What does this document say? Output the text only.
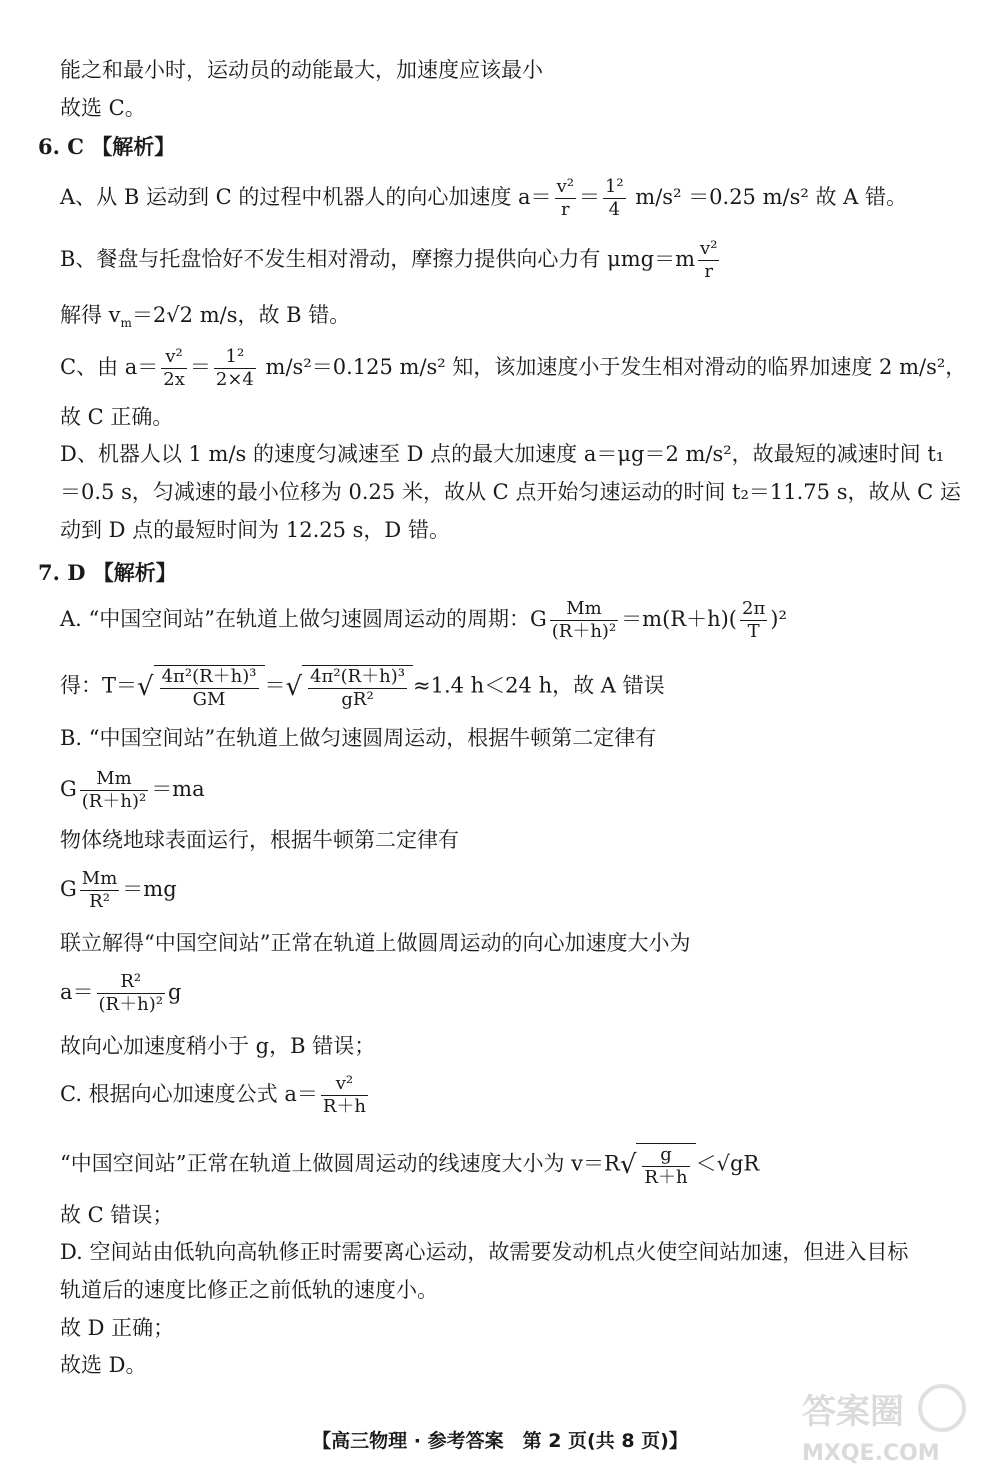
能之和最小时，运动员的动能最大，加速度应该最小
故选 C。
6. C 【解析】
A、从 B 运动到 C 的过程中机器人的向心加速度 $a= \frac{\text{v²}}{r} = \frac{\text{1²}}{4} m/s^2 =0.25$ m/s² 故 A 错。
B、餐盘与托盘恰好不发生相对滑动，摩擦力提供向心力有 $\mu mg=m \frac{\text{v²}}{r}$
解得 $v_m=2√2$ m/s，故 B 错。
C、由 $a= \frac{\text{v²}}{2x} = \frac{\text{1²}}{2\times 4} m/s^2=0.125$ m/s² 知，该加速度小于发生相对滑动的临界加速度 2 m/s²，
故 C 正确。
D、机器人以 1 m/s 的速度匀减速至 D 点的最大加速度 a＝μg＝2 m/s²，故最短的减速时间 t₁
＝0.5 s，匀减速的最小位移为 0.25 米，故从 C 点开始匀速运动的时间 t₂＝11.75 s，故从 C 运
动到 D 点的最短时间为 12.25 s，D 错。
7. D 【解析】
A. “中国空间站”在轨道上做匀速圆周运动的周期：G $\frac{Mm}{\text{(R＋h)²}} =m(R+h)( \frac{2\pi}{T} )^2$
得：$T=√ \frac{\text{4π²(R＋h)³}}{GM}$ ＝√ $\frac{\text{4π²(R＋h)³}}{\text{gR²}} \approx 1.4$ h＜24 h，故 A 错误
B. “中国空间站”在轨道上做匀速圆周运动，根据牛顿第二定律有
G $\frac{Mm}{\text{(R＋h)²}} =ma$
物体绕地球表面运行，根据牛顿第二定律有
G $\frac{Mm}{\text{R²}} =mg$
联立解得“中国空间站”正常在轨道上做圆周运动的向心加速度大小为
$a= \frac{\text{R²}}{\text{(R＋h)²}}$ g
故向心加速度稍小于 g，B 错误；
C. 根据向心加速度公式 $a= \frac{\text{v²}}{R+h}$
“中国空间站”正常在轨道上做圆周运动的线速度大小为 $v=R√ \frac{g}{R+h} <√gR$
故 C 错误；
D. 空间站由低轨向高轨修正时需要离心运动，故需要发动机点火使空间站加速，但进入目标
轨道后的速度比修正之前低轨的速度小。
故 D 正确；
故选 D。
【高三物理 · 参考答案　第 2 页(共 8 页)】
答案圈
MXQE.COM
